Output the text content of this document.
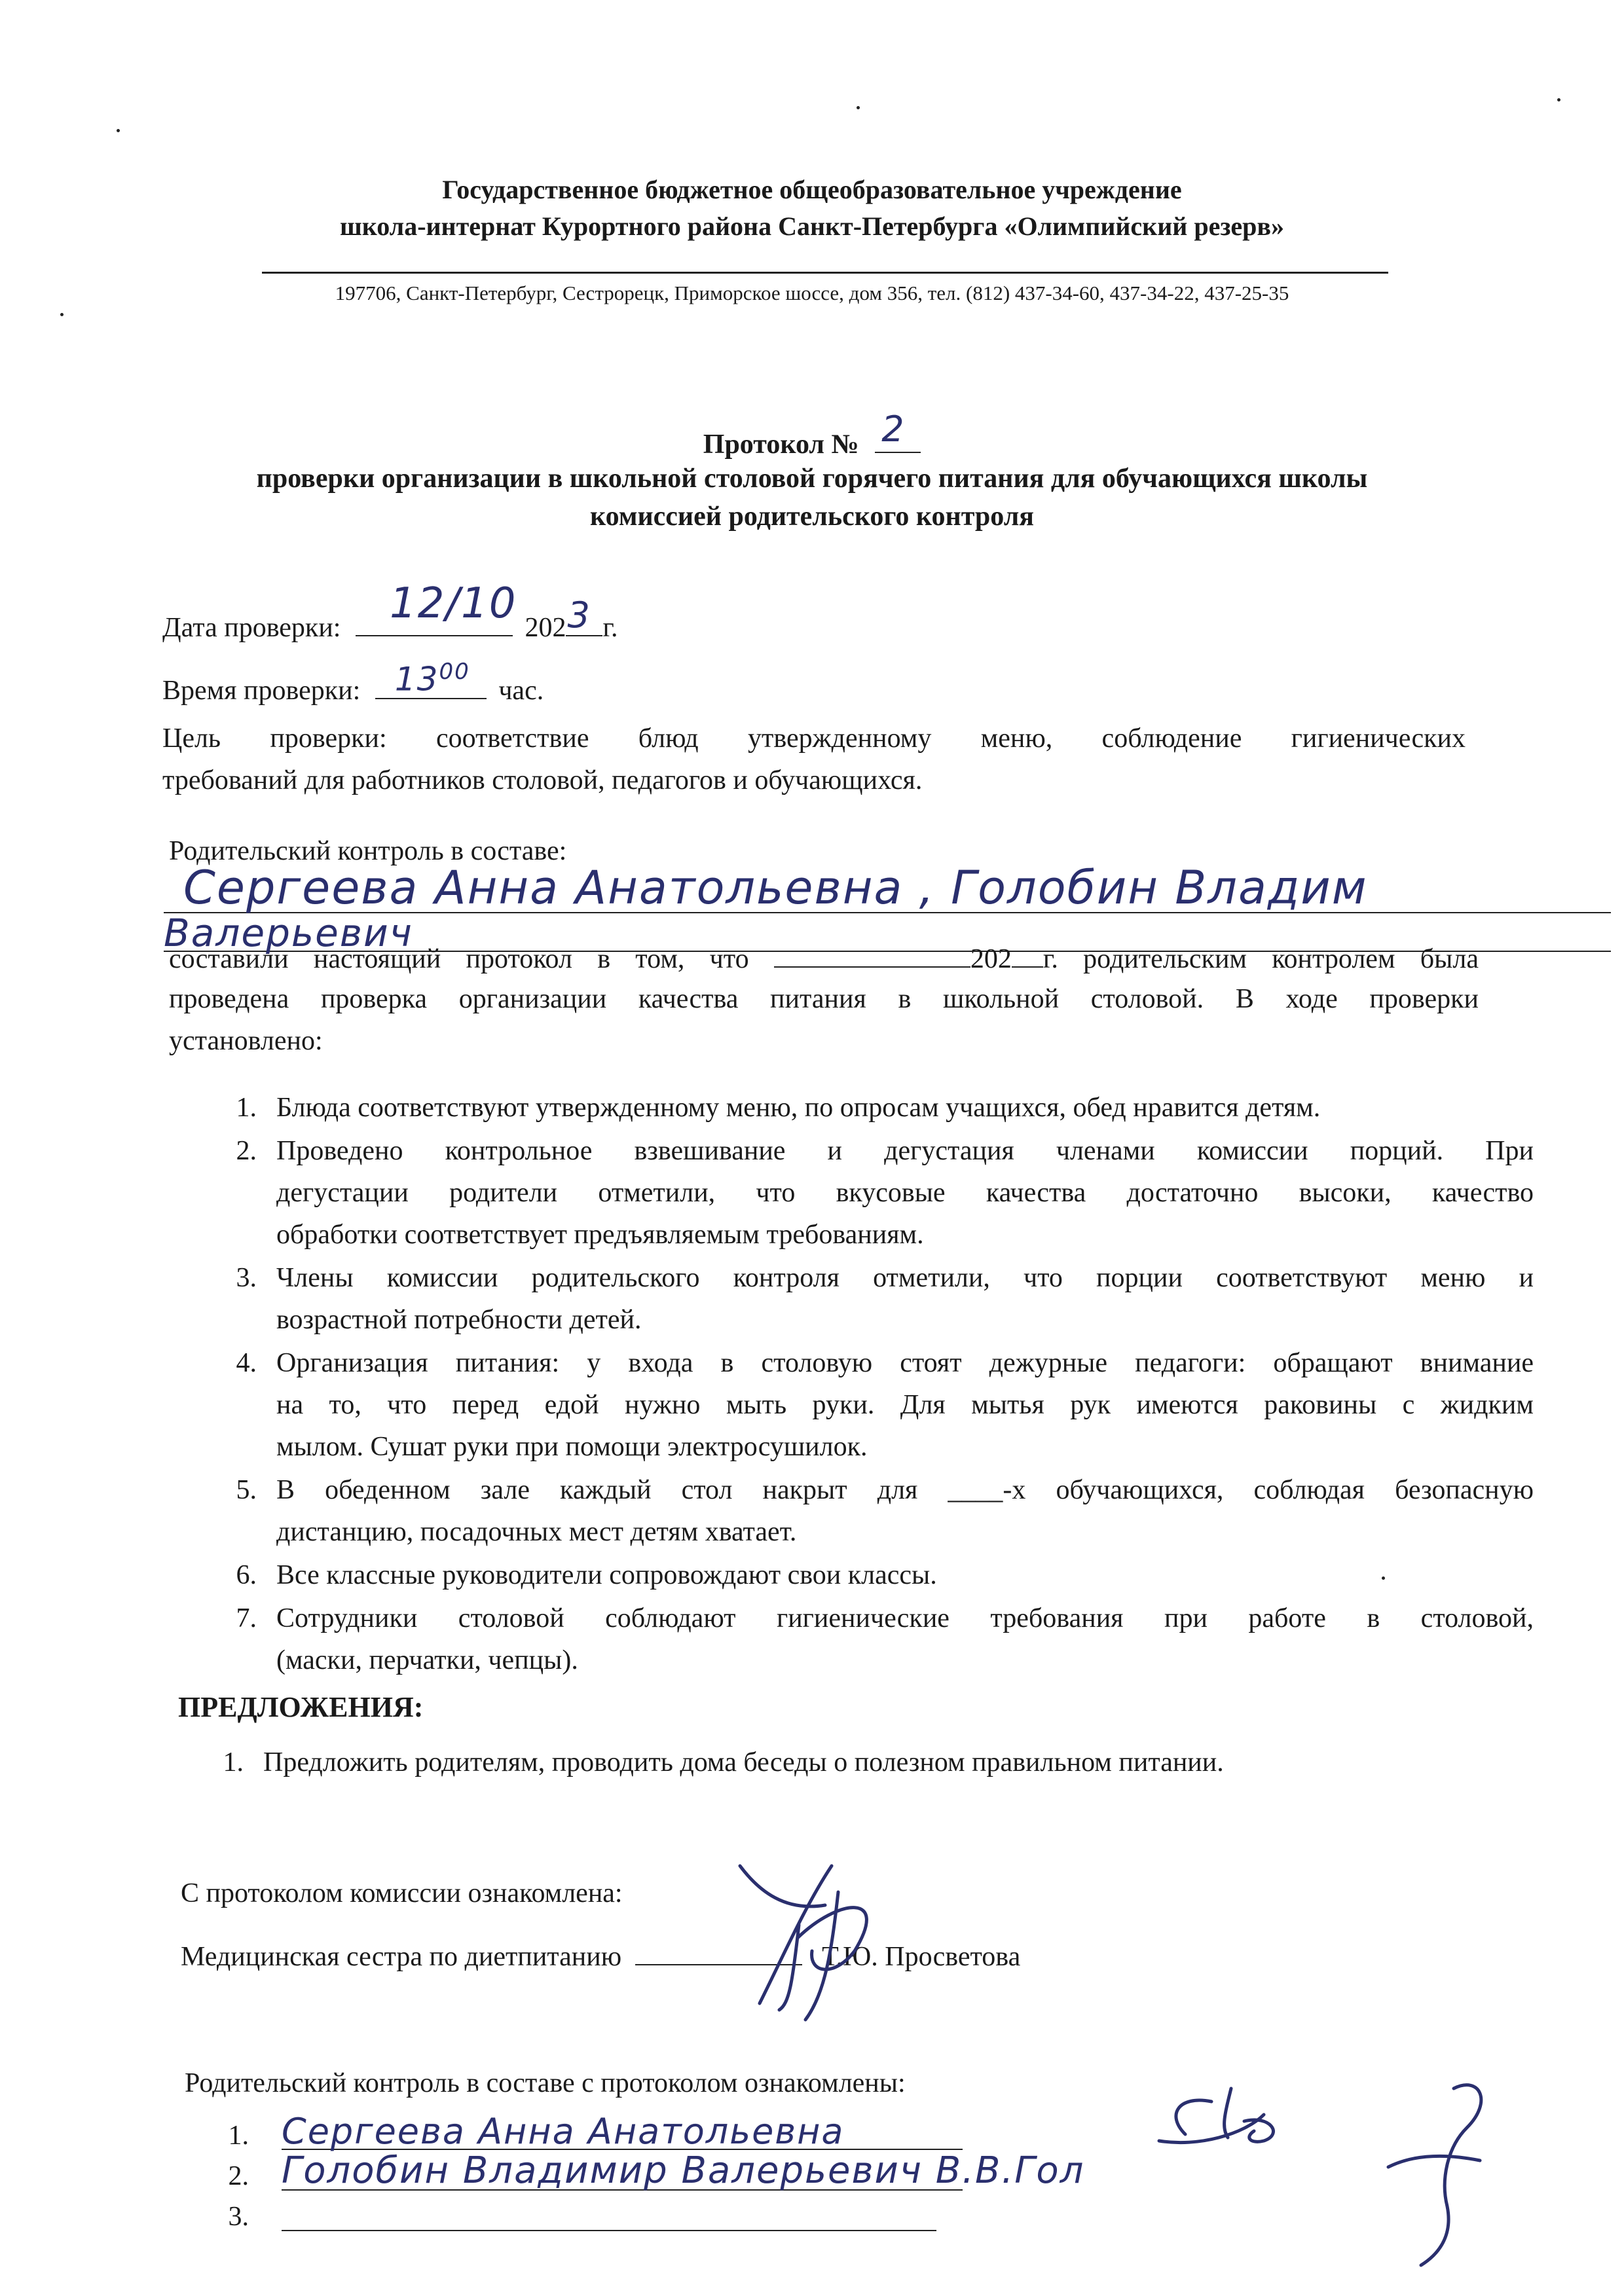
Государственное бюджетное общеобразовательное учреждение
школа-интернат Курортного района Санкт-Петербурга «Олимпийский резерв»
197706, Санкт-Петербург, Сестрорецк, Приморское шоссе, дом 356, тел. (812) 437-34-60, 437-34-22, 437-25-35
Протокол № 2
проверки организации в школьной столовой горячего питания для обучающихся школы
комиссией родительского контроля
Дата проверки: 12/10 202 3 г.
Время проверки: $13^{00}$
час.
Цель проверки: соответствие блюд утвержденному меню, соблюдение гигиенических
требований для работников столовой, педагогов и обучающихся.
Родительский контроль в составе:
Сергеева Анна Анатольевна , Голобин Владим
Валерьевич
составили настоящий протокол в том, что	202 г. родительским контролем была
проведена проверка организации качества питания в школьной столовой. В ходе проверки
установлено:
1. Блюда соответствуют утвержденному меню, по опросам учащихся, обед нравится детям.
2. Проведено контрольное взвешивание и дегустация членами комиссии порций. При
дегустации родители отметили, что вкусовые качества достаточно высоки, качество
обработки соответствует предъявляемым требованиям.
3. Члены комиссии родительского контроля отметили, что порции соответствуют меню и
возрастной потребности детей.
4. Организация питания: у входа в столовую стоят дежурные педагоги: обращают внимание
на то, что перед едой нужно мыть руки. Для мытья рук имеются раковины с жидким
мылом. Сушат руки при помощи электросушилок.
5. В обеденном зале каждый стол накрыт для ____-х обучающихся, соблюдая безопасную
дистанцию, посадочных мест детям хватает.
6. Все классные руководители сопровождают свои классы.
7. Сотрудники столовой соблюдают гигиенические требования при работе в столовой,
(маски, перчатки, чепцы).
ПРЕДЛОЖЕНИЯ:
1. Предложить родителям, проводить дома беседы о полезном правильном питании.
С протоколом комиссии ознакомлена:
Медицинская сестра по диетпитанию	Т.Ю. Просветова
Родительский контроль в составе с протоколом ознакомлены:
1. Сергеева Анна Анатольевна
2. Голобин Владимир Валерьевич В.В.Гол
3.
